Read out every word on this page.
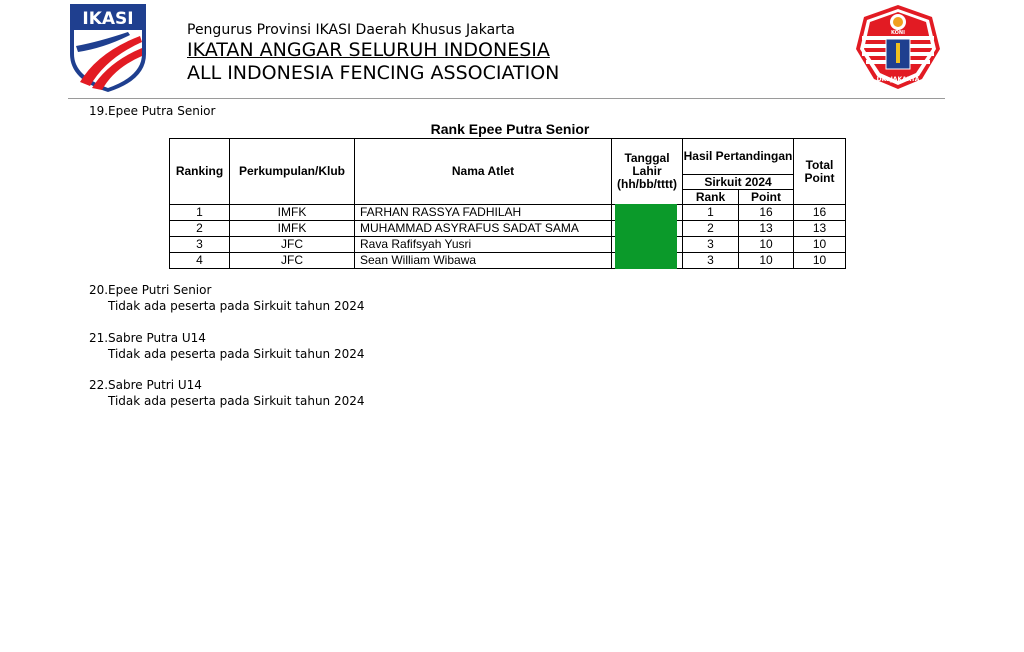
IKASI
Pengurus Provinsi IKASI Daerah Khusus Jakarta
IKATAN ANGGAR SELURUH INDONESIA
ALL INDONESIA FENCING ASSOCIATION
KONI
DKI JAKARTA
19.Epee Putra Senior
Rank Epee Putra Senior
Ranking	Perkumpulan/Klub	Nama Atlet	Tanggal Lahir (hh/bb/tttt)	Hasil Pertandingan		Total Point
				Sirkuit 2024		
				Rank	Point	
1	IMFK	FARHAN RASSYA FADHILAH		1	16	16
2	IMFK	MUHAMMAD ASYRAFUS SADAT SAMA		2	13	13
3	JFC	Rava Rafifsyah Yusri		3	10	10
4	JFC	Sean William Wibawa		3	10	10
20.Epee Putri Senior
Tidak ada peserta pada Sirkuit tahun 2024
21.Sabre Putra U14
Tidak ada peserta pada Sirkuit tahun 2024
22.Sabre Putri U14
Tidak ada peserta pada Sirkuit tahun 2024
